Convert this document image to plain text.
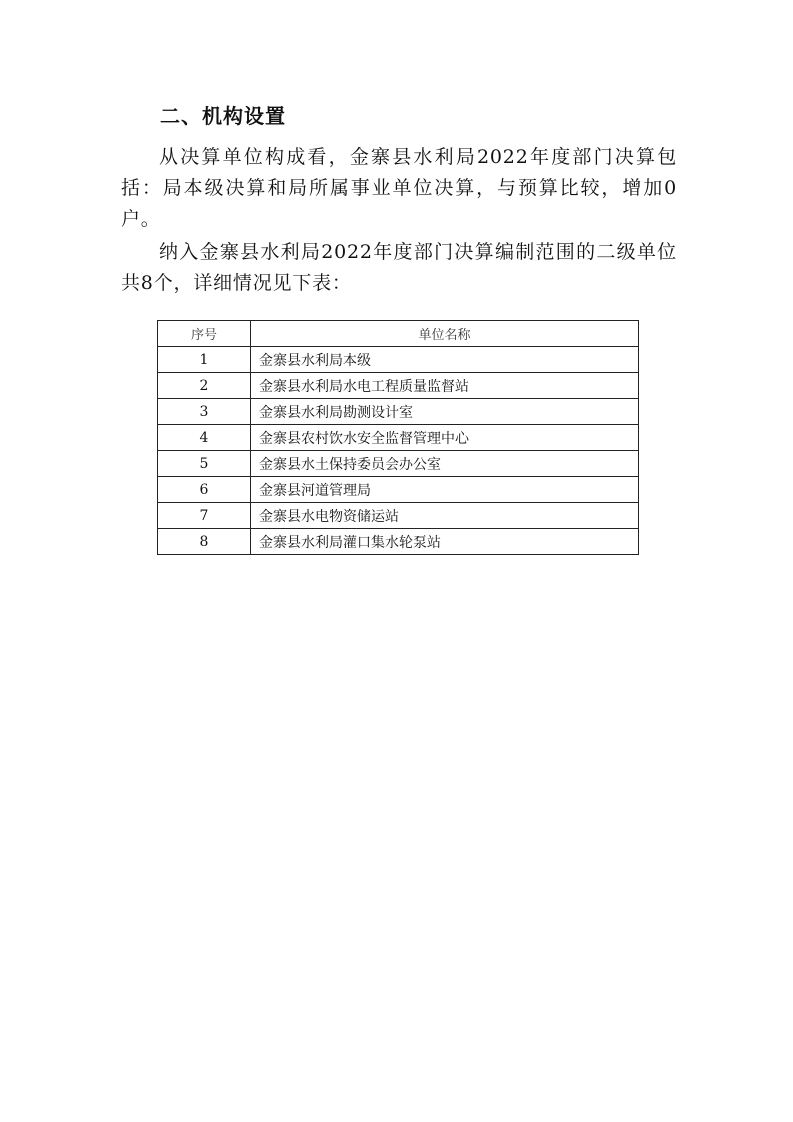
二、机构设置

从决算单位构成看，金寨县水利局2022年度部门决算包括：局本级决算和局所属事业单位决算，与预算比较，增加0户。

纳入金寨县水利局2022年度部门决算编制范围的二级单位共8个，详细情况见下表：

序号	单位名称
1	金寨县水利局本级
2	金寨县水利局水电工程质量监督站
3	金寨县水利局勘测设计室
4	金寨县农村饮水安全监督管理中心
5	金寨县水土保持委员会办公室
6	金寨县河道管理局
7	金寨县水电物资储运站
8	金寨县水利局灌口集水轮泵站
